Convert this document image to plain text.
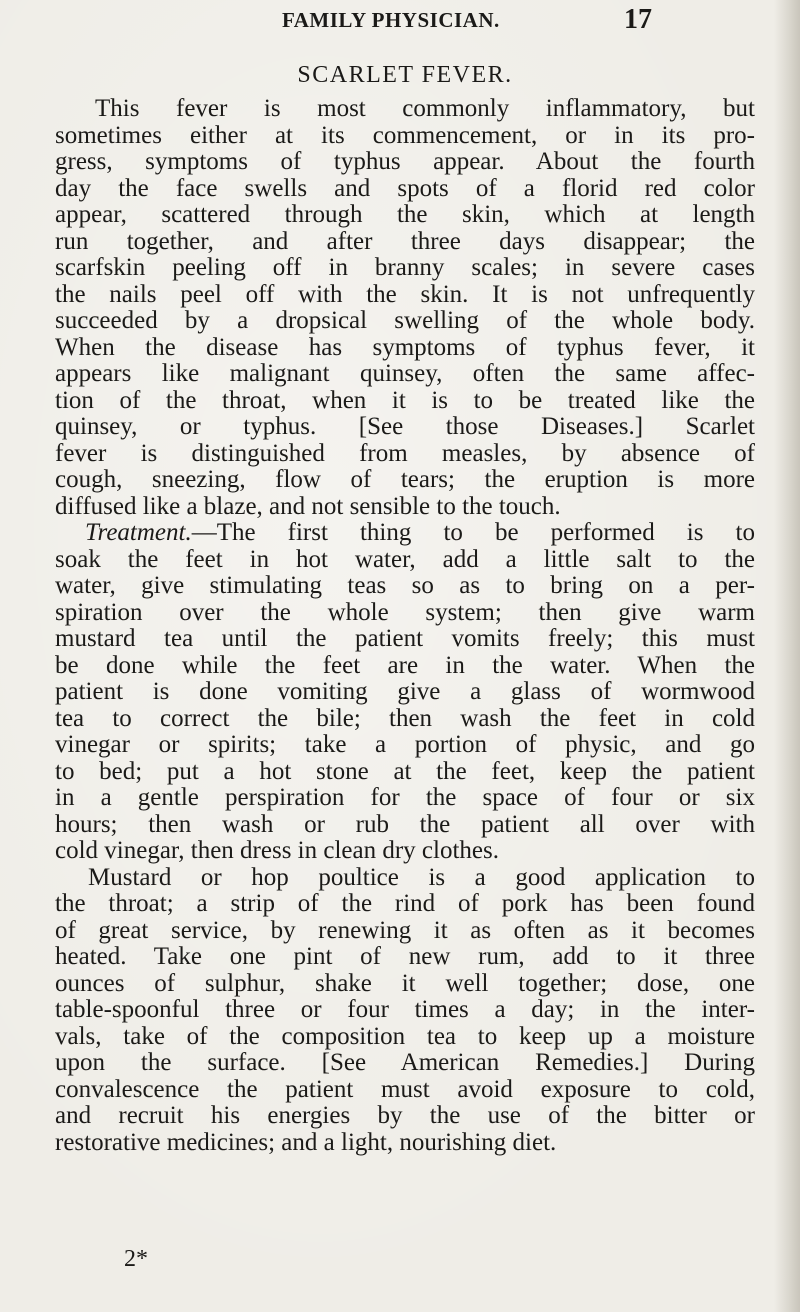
FAMILY PHYSICIAN.	17
SCARLET FEVER.
This fever is most commonly inflammatory, but
sometimes either at its commencement, or in its pro-
gress, symptoms of typhus appear. About the fourth
day the face swells and spots of a florid red color
appear, scattered through the skin, which at length
run together, and after three days disappear; the
scarfskin peeling off in branny scales; in severe cases
the nails peel off with the skin. It is not unfrequently
succeeded by a dropsical swelling of the whole body.
When the disease has symptoms of typhus fever, it
appears like malignant quinsey, often the same affec-
tion of the throat, when it is to be treated like the
quinsey, or typhus. [See those Diseases.] Scarlet
fever is distinguished from measles, by absence of
cough, sneezing, flow of tears; the eruption is more
diffused like a blaze, and not sensible to the touch.
Treatment.—The first thing to be performed is to
soak the feet in hot water, add a little salt to the
water, give stimulating teas so as to bring on a per-
spiration over the whole system; then give warm
mustard tea until the patient vomits freely; this must
be done while the feet are in the water. When the
patient is done vomiting give a glass of wormwood
tea to correct the bile; then wash the feet in cold
vinegar or spirits; take a portion of physic, and go
to bed; put a hot stone at the feet, keep the patient
in a gentle perspiration for the space of four or six
hours; then wash or rub the patient all over with
cold vinegar, then dress in clean dry clothes.
Mustard or hop poultice is a good application to
the throat; a strip of the rind of pork has been found
of great service, by renewing it as often as it becomes
heated. Take one pint of new rum, add to it three
ounces of sulphur, shake it well together; dose, one
table-spoonful three or four times a day; in the inter-
vals, take of the composition tea to keep up a moisture
upon the surface. [See American Remedies.] During
convalescence the patient must avoid exposure to cold,
and recruit his energies by the use of the bitter or
restorative medicines; and a light, nourishing diet.
2*
